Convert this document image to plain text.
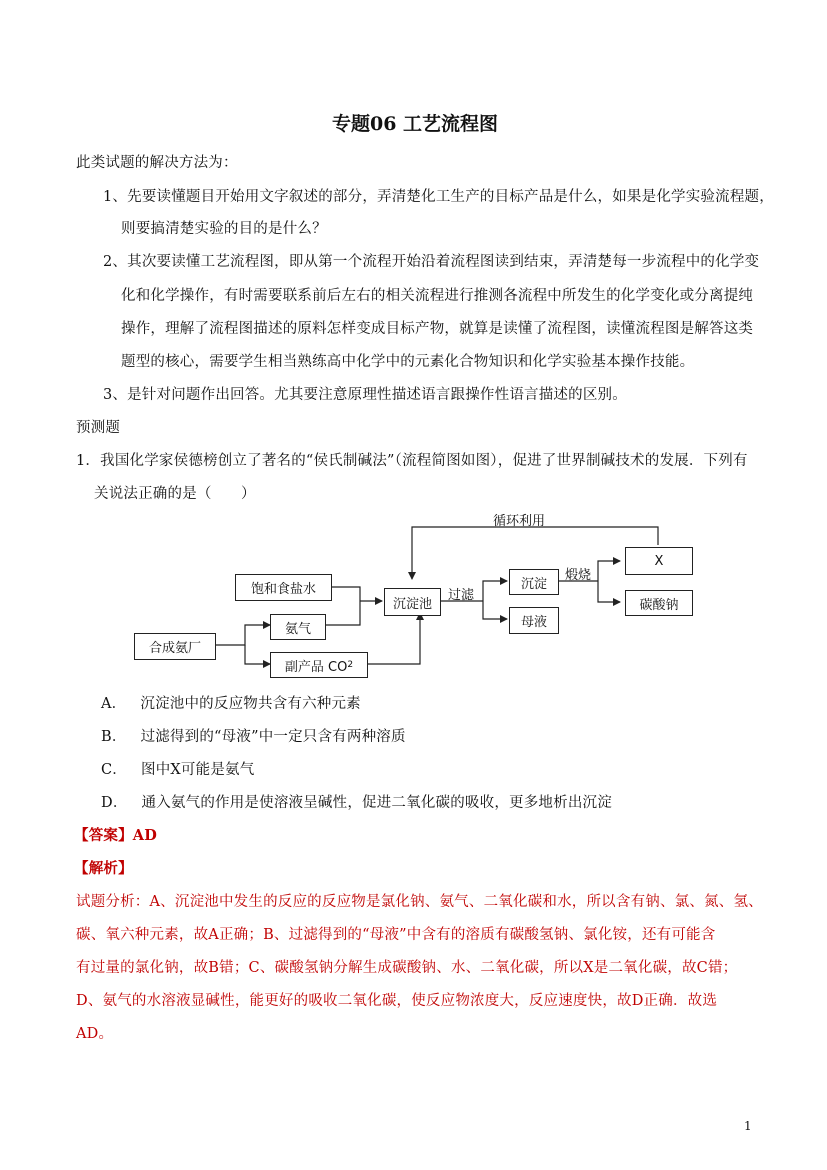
专题06 工艺流程图
此类试题的解决方法为：
1、先要读懂题目开始用文字叙述的部分，弄清楚化工生产的目标产品是什么，如果是化学实验流程题，
则要搞清楚实验的目的是什么？
2、其次要读懂工艺流程图，即从第一个流程开始沿着流程图读到结束，弄清楚每一步流程中的化学变
化和化学操作，有时需要联系前后左右的相关流程进行推测各流程中所发生的化学变化或分离提纯
操作，理解了流程图描述的原料怎样变成目标产物，就算是读懂了流程图，读懂流程图是解答这类
题型的核心，需要学生相当熟练高中化学中的元素化合物知识和化学实验基本操作技能。
3、是针对问题作出回答。尤其要注意原理性描述语言跟操作性语言描述的区别。
预测题
1．我国化学家侯德榜创立了著名的“侯氏制碱法”（流程简图如图），促进了世界制碱技术的发展．下列有
关说法正确的是（　　）
循环利用
饱和食盐水
合成氨厂
氨气
副产品 CO 2
沉淀池
过滤
沉淀
母液
煅烧
X
碳酸钠
A． 沉淀池中的反应物共含有六种元素
B． 过滤得到的“母液”中一定只含有两种溶质
C． 图中X可能是氨气
D． 通入氨气的作用是使溶液呈碱性，促进二氧化碳的吸收，更多地析出沉淀
【答案】AD
【解析】
试题分析：A、沉淀池中发生的反应的反应物是氯化钠、氨气、二氧化碳和水，所以含有钠、氯、氮、氢、
碳、氧六种元素，故A正确；B、过滤得到的“母液”中含有的溶质有碳酸氢钠、氯化铵，还有可能含
有过量的氯化钠，故B错；C、碳酸氢钠分解生成碳酸钠、水、二氧化碳，所以X是二氧化碳，故C错；
D、氨气的水溶液显碱性，能更好的吸收二氧化碳，使反应物浓度大，反应速度快，故D正确．故选
AD。
1
